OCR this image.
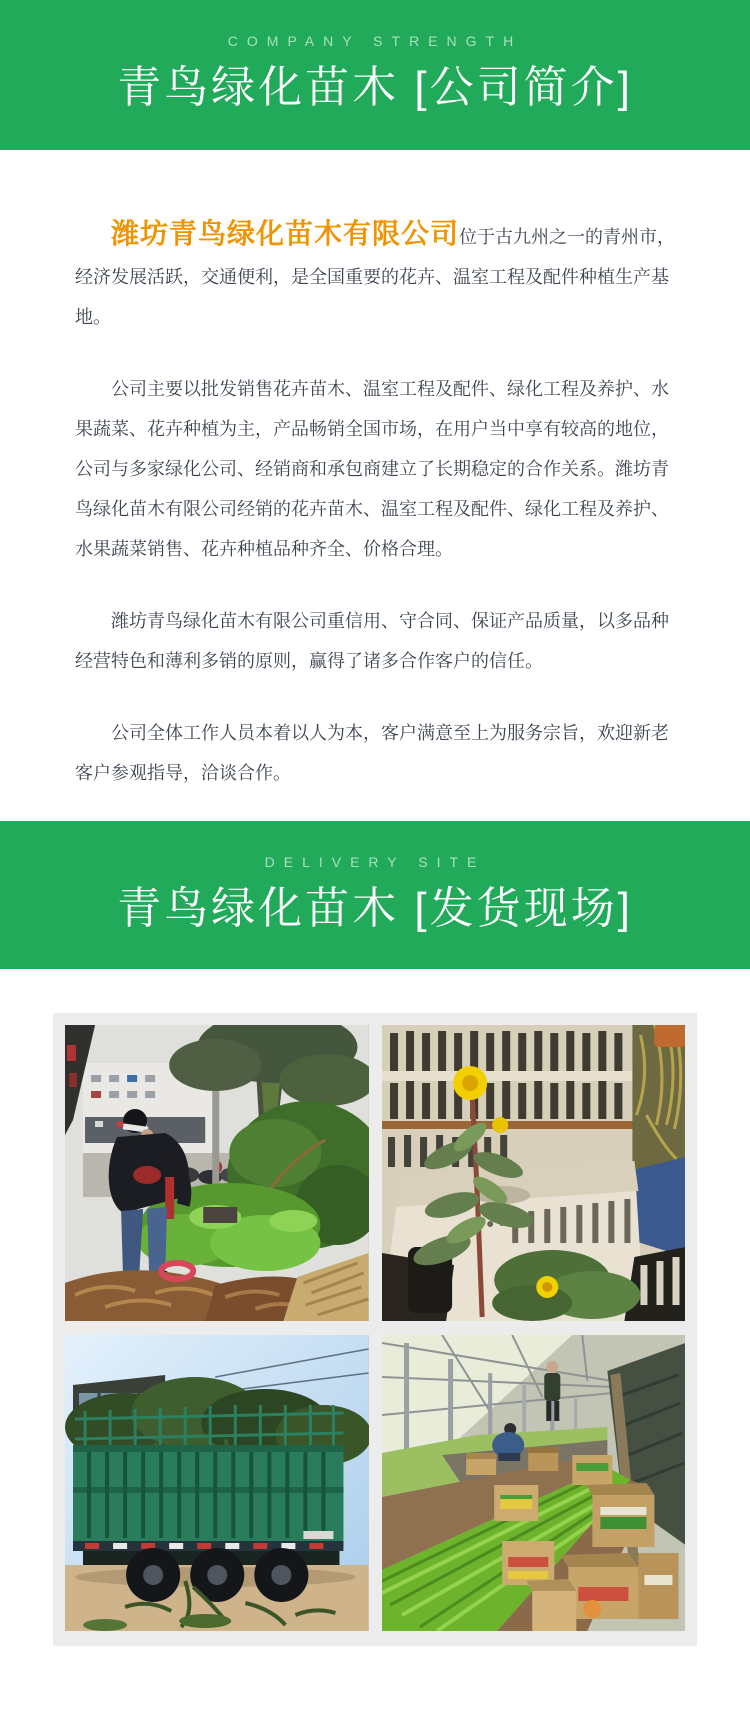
COMPANY STRENGTH
青鸟绿化苗木 [公司简介]

潍坊青鸟绿化苗木有限公司位于古九州之一的青州市，经济发展活跃，交通便利，是全国重要的花卉、温室工程及配件种植生产基地。

公司主要以批发销售花卉苗木、温室工程及配件、绿化工程及养护、水果蔬菜、花卉种植为主，产品畅销全国市场，在用户当中享有较高的地位，公司与多家绿化公司、经销商和承包商建立了长期稳定的合作关系。潍坊青鸟绿化苗木有限公司经销的花卉苗木、温室工程及配件、绿化工程及养护、水果蔬菜销售、花卉种植品种齐全、价格合理。

潍坊青鸟绿化苗木有限公司重信用、守合同、保证产品质量，以多品种经营特色和薄利多销的原则，赢得了诸多合作客户的信任。

公司全体工作人员本着以人为本，客户满意至上为服务宗旨，欢迎新老客户参观指导，洽谈合作。

DELIVERY SITE
青鸟绿化苗木 [发货现场]
